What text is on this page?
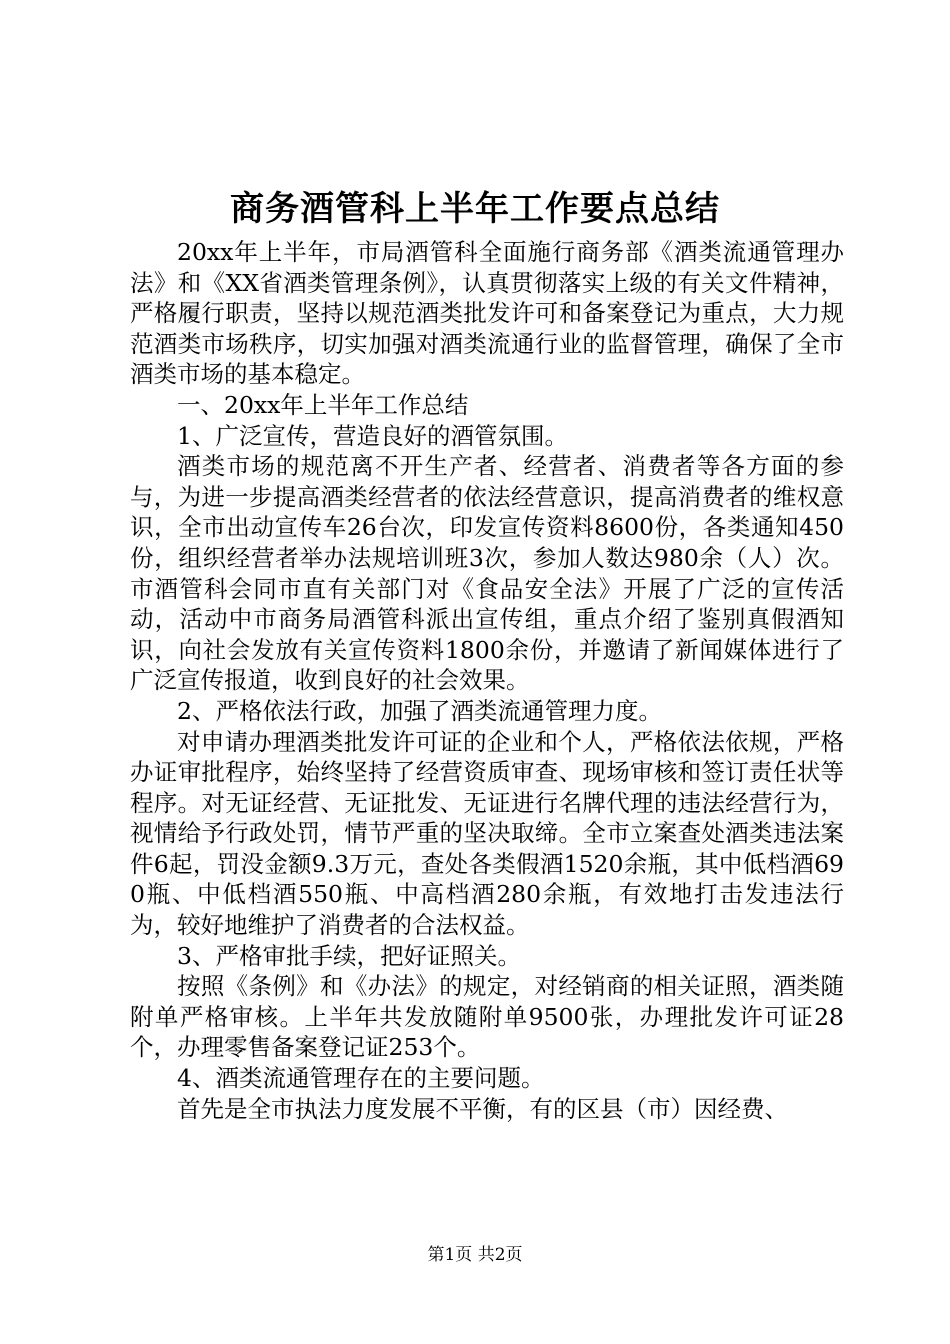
商务酒管科上半年工作要点总结

20xx年上半年，市局酒管科全面施行商务部《酒类流通管理办法》和《XX省酒类管理条例》，认真贯彻落实上级的有关文件精神，严格履行职责，坚持以规范酒类批发许可和备案登记为重点，大力规范酒类市场秩序，切实加强对酒类流通行业的监督管理，确保了全市酒类市场的基本稳定。

一、20xx年上半年工作总结

1、广泛宣传，营造良好的酒管氛围。

酒类市场的规范离不开生产者、经营者、消费者等各方面的参与，为进一步提高酒类经营者的依法经营意识，提高消费者的维权意识，全市出动宣传车26台次，印发宣传资料8600份，各类通知450份，组织经营者举办法规培训班3次，参加人数达980余（人）次。市酒管科会同市直有关部门对《食品安全法》开展了广泛的宣传活动，活动中市商务局酒管科派出宣传组，重点介绍了鉴别真假酒知识，向社会发放有关宣传资料1800余份，并邀请了新闻媒体进行了广泛宣传报道，收到良好的社会效果。

2、严格依法行政，加强了酒类流通管理力度。

对申请办理酒类批发许可证的企业和个人，严格依法依规，严格办证审批程序，始终坚持了经营资质审查、现场审核和签订责任状等程序。对无证经营、无证批发、无证进行名牌代理的违法经营行为，视情给予行政处罚，情节严重的坚决取缔。全市立案查处酒类违法案件6起，罚没金额9.3万元，查处各类假酒1520余瓶，其中低档酒690瓶、中低档酒550瓶、中高档酒280余瓶，有效地打击发违法行为，较好地维护了消费者的合法权益。

3、严格审批手续，把好证照关。

按照《条例》和《办法》的规定，对经销商的相关证照，酒类随附单严格审核。上半年共发放随附单9500张，办理批发许可证28个，办理零售备案登记证253个。

4、酒类流通管理存在的主要问题。

首先是全市执法力度发展不平衡，有的区县（市）因经费、

第1页 共2页
